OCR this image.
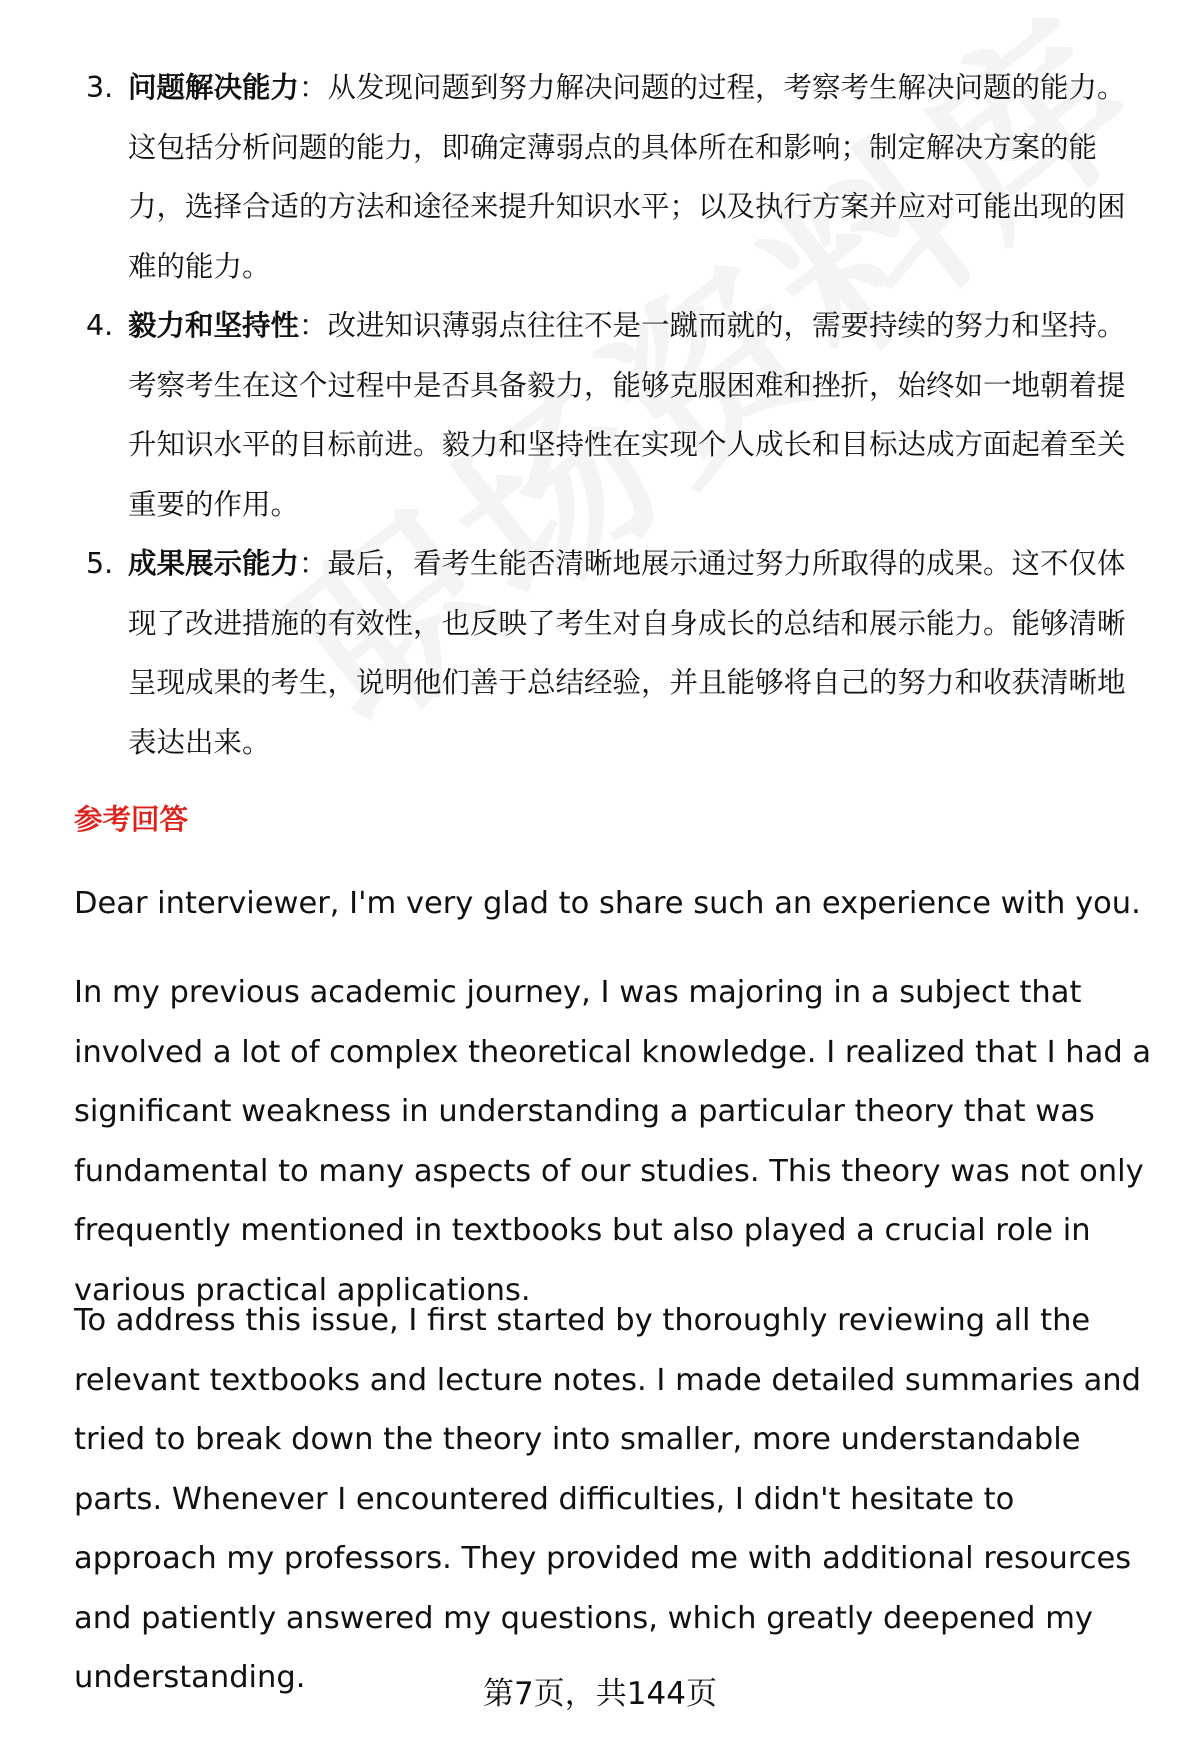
3. 问题解决能力：从发现问题到努力解决问题的过程，考察考生解决问题的能力。这包括分析问题的能力，即确定薄弱点的具体所在和影响；制定解决方案的能力，选择合适的方法和途径来提升知识水平；以及执行方案并应对可能出现的困难的能力。
4. 毅力和坚持性：改进知识薄弱点往往不是一蹴而就的，需要持续的努力和坚持。考察考生在这个过程中是否具备毅力，能够克服困难和挫折，始终如一地朝着提升知识水平的目标前进。毅力和坚持性在实现个人成长和目标达成方面起着至关重要的作用。
5. 成果展示能力：最后，看考生能否清晰地展示通过努力所取得的成果。这不仅体现了改进措施的有效性，也反映了考生对自身成长的总结和展示能力。能够清晰呈现成果的考生，说明他们善于总结经验，并且能够将自己的努力和收获清晰地表达出来。
参考回答

Dear interviewer, I'm very glad to share such an experience with you.

In my previous academic journey, I was majoring in a subject that involved a lot of complex theoretical knowledge. I realized that I had a significant weakness in understanding a particular theory that was fundamental to many aspects of our studies. This theory was not only frequently mentioned in textbooks but also played a crucial role in various practical applications.

To address this issue, I first started by thoroughly reviewing all the relevant textbooks and lecture notes. I made detailed summaries and tried to break down the theory into smaller, more understandable parts. Whenever I encountered difficulties, I didn't hesitate to approach my professors. They provided me with additional resources and patiently answered my questions, which greatly deepened my understanding.	第7页，共144页
